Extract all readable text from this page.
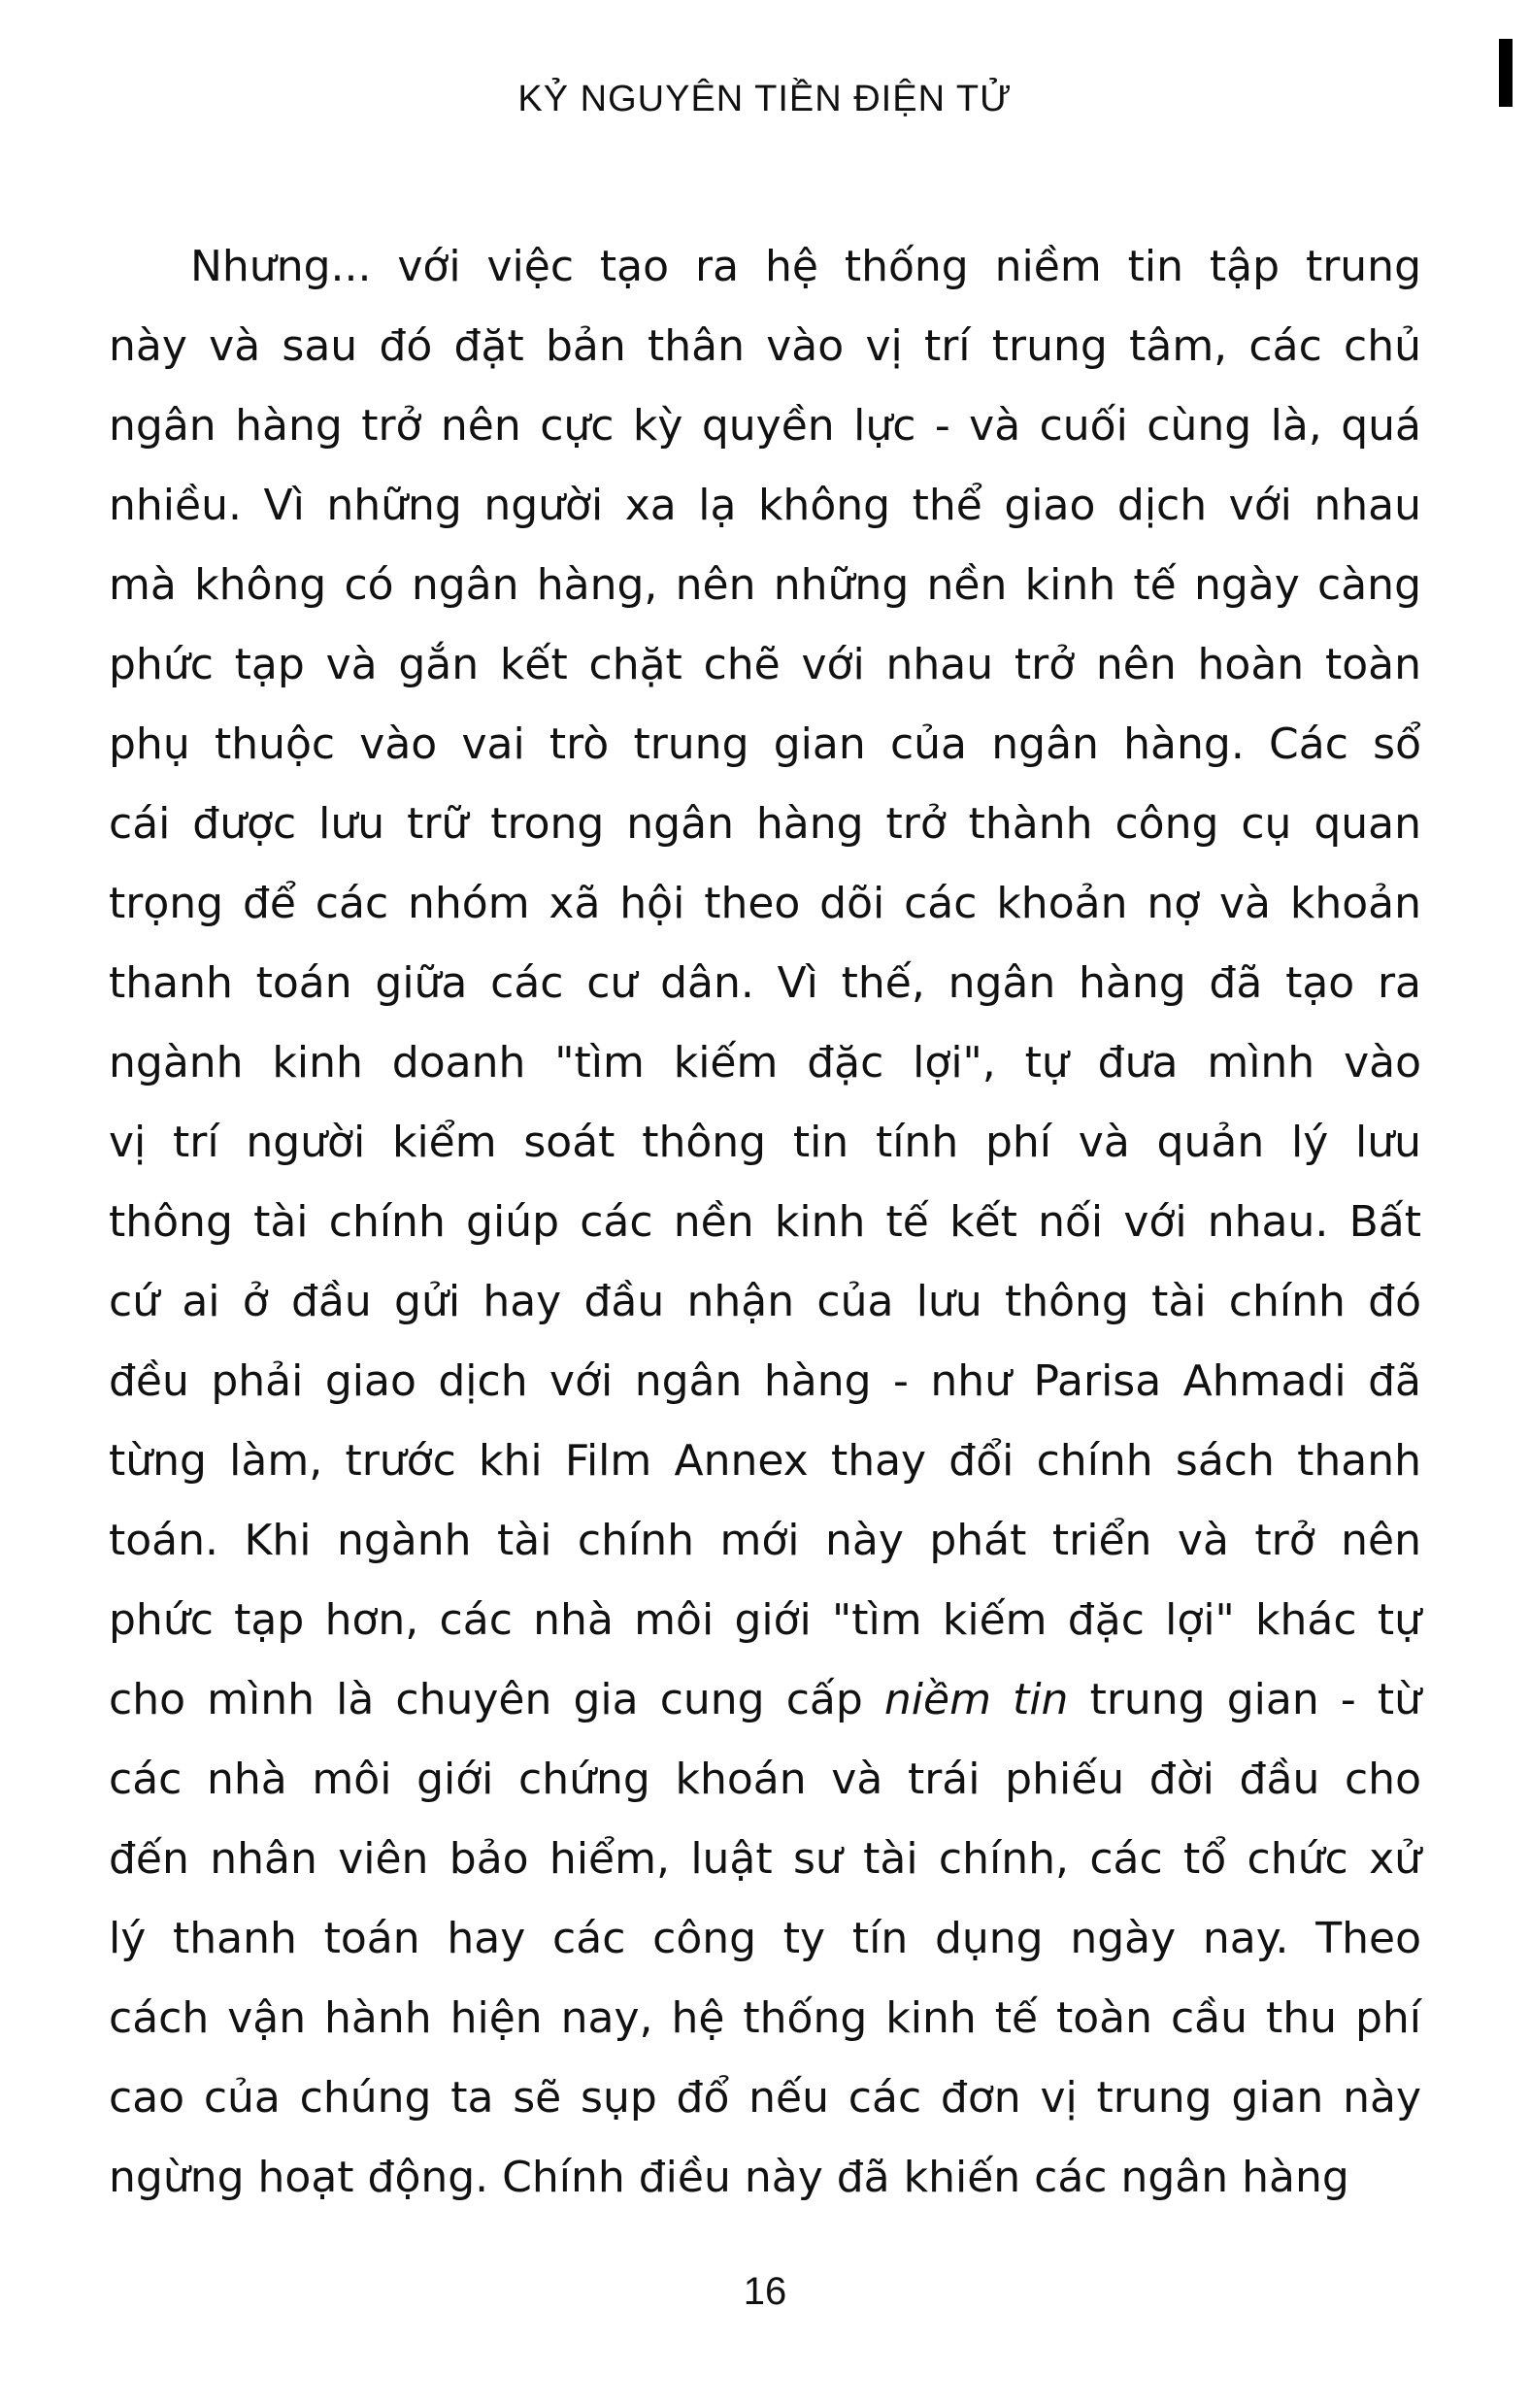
KỶ NGUYÊN TIỀN ĐIỆN TỬ
Nhưng... với việc tạo ra hệ thống niềm tin tập trung
này và sau đó đặt bản thân vào vị trí trung tâm, các chủ
ngân hàng trở nên cực kỳ quyền lực - và cuối cùng là, quá
nhiều. Vì những người xa lạ không thể giao dịch với nhau
mà không có ngân hàng, nên những nền kinh tế ngày càng
phức tạp và gắn kết chặt chẽ với nhau trở nên hoàn toàn
phụ thuộc vào vai trò trung gian của ngân hàng. Các sổ
cái được lưu trữ trong ngân hàng trở thành công cụ quan
trọng để các nhóm xã hội theo dõi các khoản nợ và khoản
thanh toán giữa các cư dân. Vì thế, ngân hàng đã tạo ra
ngành kinh doanh "tìm kiếm đặc lợi", tự đưa mình vào
vị trí người kiểm soát thông tin tính phí và quản lý lưu
thông tài chính giúp các nền kinh tế kết nối với nhau. Bất
cứ ai ở đầu gửi hay đầu nhận của lưu thông tài chính đó
đều phải giao dịch với ngân hàng - như Parisa Ahmadi đã
từng làm, trước khi Film Annex thay đổi chính sách thanh
toán. Khi ngành tài chính mới này phát triển và trở nên
phức tạp hơn, các nhà môi giới "tìm kiếm đặc lợi" khác tự
cho mình là chuyên gia cung cấp niềm tin trung gian - từ
các nhà môi giới chứng khoán và trái phiếu đời đầu cho
đến nhân viên bảo hiểm, luật sư tài chính, các tổ chức xử
lý thanh toán hay các công ty tín dụng ngày nay. Theo
cách vận hành hiện nay, hệ thống kinh tế toàn cầu thu phí
cao của chúng ta sẽ sụp đổ nếu các đơn vị trung gian này
ngừng hoạt động. Chính điều này đã khiến các ngân hàng
16
